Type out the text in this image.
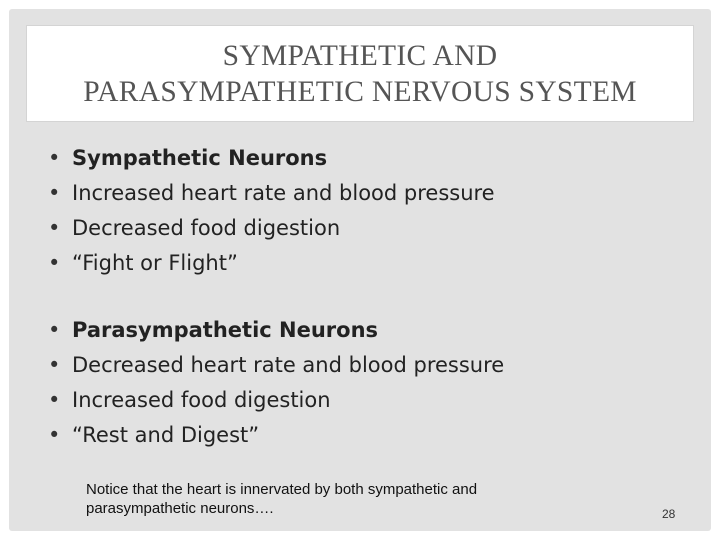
SYMPATHETIC AND
PARASYMPATHETIC NERVOUS SYSTEM
• Sympathetic Neurons
• Increased heart rate and blood pressure
• Decreased food digestion
• “Fight or Flight”
• Parasympathetic Neurons
• Decreased heart rate and blood pressure
• Increased food digestion
• “Rest and Digest”
Notice that the heart is innervated by both sympathetic and
parasympathetic neurons….	28
